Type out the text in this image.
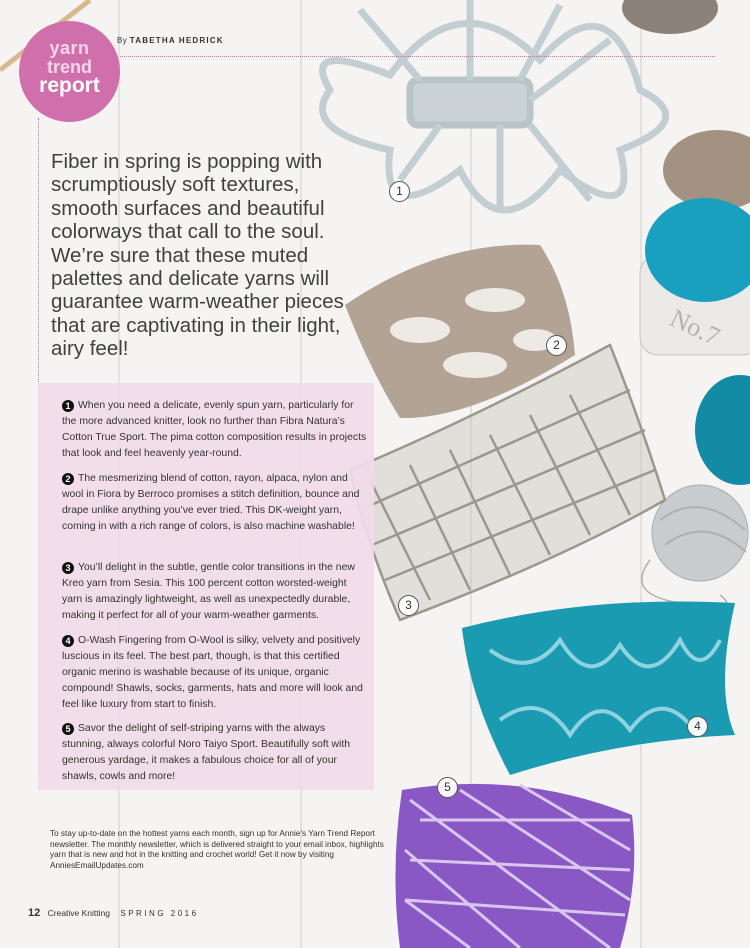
No.7
1
2
3
4
5
yarn
trend
report
By TABETHA HEDRICK
Fiber in spring is popping with scrumptiously soft textures, smooth surfaces and beautiful colorways that call to the soul. We’re sure that these muted palettes and delicate yarns will guarantee warm-weather pieces that are captivating in their light, airy feel!
1 When you need a delicate, evenly spun yarn, particularly for the more advanced knitter, look no further than Fibra Natura’s Cotton True Sport. The pima cotton composition results in projects that look and feel heavenly year-round.
2 The mesmerizing blend of cotton, rayon, alpaca, nylon and wool in Fiora by Berroco promises a stitch definition, bounce and drape unlike anything you’ve ever tried. This DK-weight yarn, coming in with a rich range of colors, is also machine washable!
3 You’ll delight in the subtle, gentle color transitions in the new Kreo yarn from Sesia. This 100 percent cotton worsted-weight yarn is amazingly lightweight, as well as unexpectedly durable, making it perfect for all of your warm-weather garments.
4 O-Wash Fingering from O-Wool is silky, velvety and positively luscious in its feel. The best part, though, is that this certified organic merino is washable because of its unique, organic compound! Shawls, socks, garments, hats and more will look and feel like luxury from start to finish.
5 Savor the delight of self-striping yarns with the always stunning, always colorful Noro Taiyo Sport. Beautifully soft with generous yardage, it makes a fabulous choice for all of your shawls, cowls and more!
To stay up-to-date on the hottest yarns each month, sign up for Annie’s Yarn Trend Report newsletter. The monthly newsletter, which is delivered straight to your email inbox, highlights yarn that is new and hot in the knitting and crochet world! Get it now by visiting AnniesEmailUpdates.com
12 Creative Knitting SPRING 2016
